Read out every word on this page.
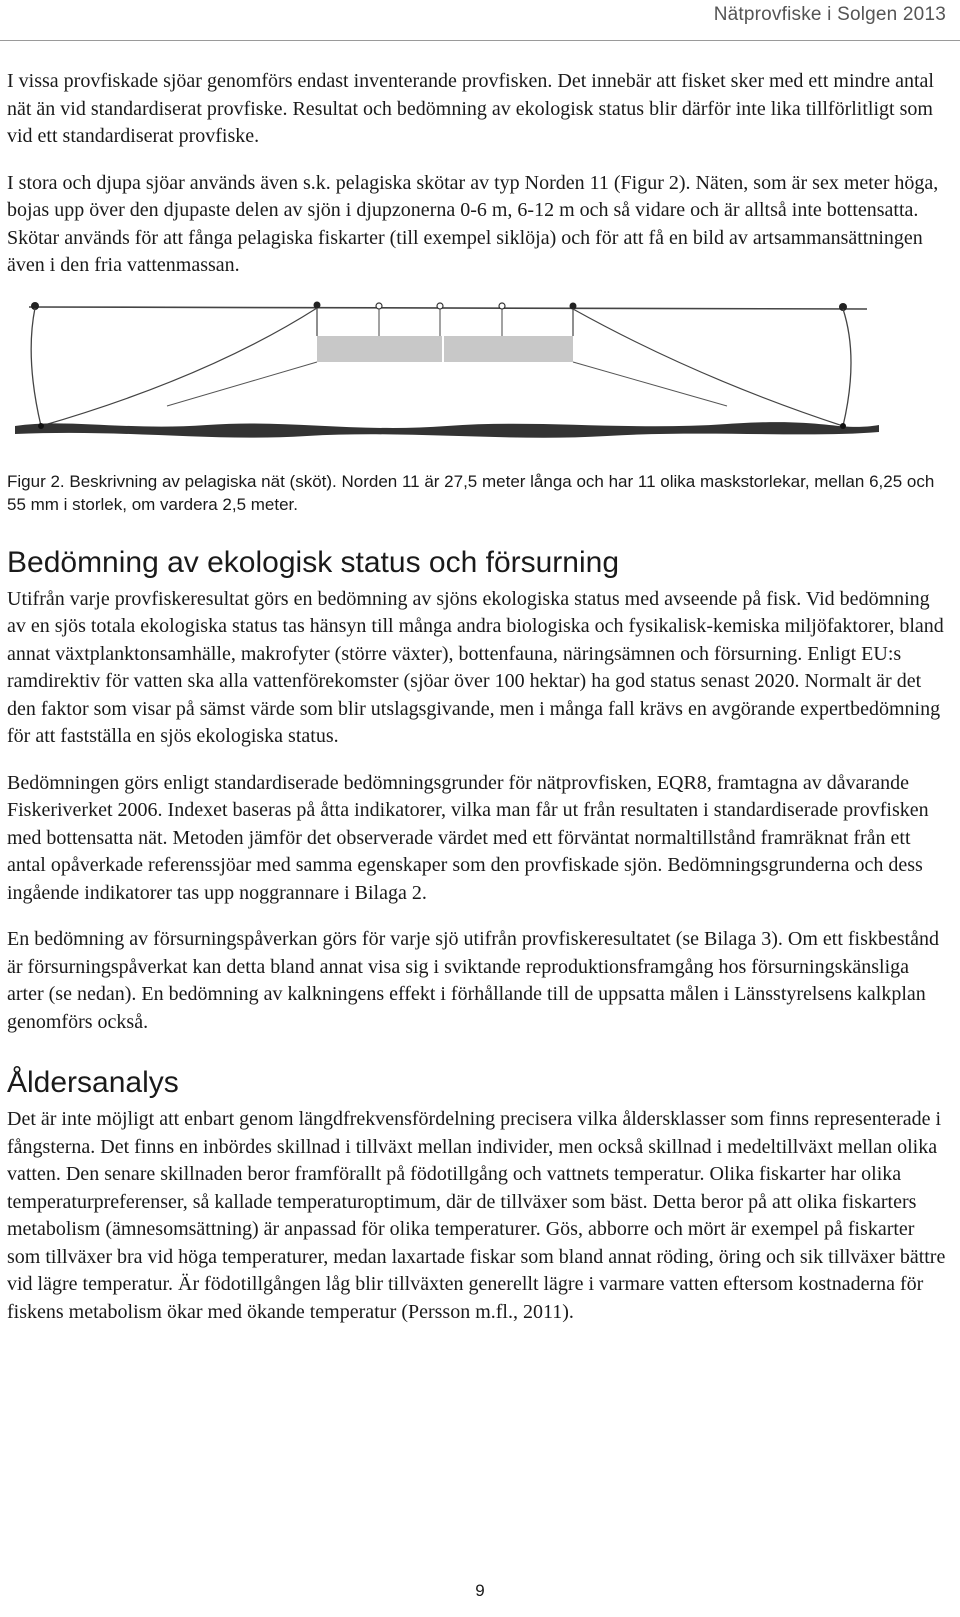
Nätprovfiske i Solgen 2013

I vissa provfiskade sjöar genomförs endast inventerande provfisken. Det innebär att fisket sker med ett mindre antal nät än vid standardiserat provfiske. Resultat och bedömning av ekologisk status blir därför inte lika tillförlitligt som vid ett standardiserat provfiske.

I stora och djupa sjöar används även s.k. pelagiska skötar av typ Norden 11 (Figur 2). Näten, som är sex meter höga, bojas upp över den djupaste delen av sjön i djupzonerna 0-6 m, 6-12 m och så vidare och är alltså inte bottensatta. Skötar används för att fånga pelagiska fiskarter (till exempel siklöja) och för att få en bild av artsammansättningen även i den fria vattenmassan.

Figur 2. Beskrivning av pelagiska nät (sköt). Norden 11 är 27,5 meter långa och har 11 olika maskstorlekar, mellan 6,25 och 55 mm i storlek, om vardera 2,5 meter.
Bedömning av ekologisk status och försurning

Utifrån varje provfiskeresultat görs en bedömning av sjöns ekologiska status med avseende på fisk. Vid bedömning av en sjös totala ekologiska status tas hänsyn till många andra biologiska och fysikalisk-kemiska miljöfaktorer, bland annat växtplanktonsamhälle, makrofyter (större växter), bottenfauna, näringsämnen och försurning. Enligt EU:s ramdirektiv för vatten ska alla vattenförekomster (sjöar över 100 hektar) ha god status senast 2020. Normalt är det den faktor som visar på sämst värde som blir utslagsgivande, men i många fall krävs en avgörande expertbedömning för att fastställa en sjös ekologiska status.

Bedömningen görs enligt standardiserade bedömningsgrunder för nätprovfisken, EQR8, framtagna av dåvarande Fiskeriverket 2006. Indexet baseras på åtta indikatorer, vilka man får ut från resultaten i standardiserade provfisken med bottensatta nät. Metoden jämför det observerade värdet med ett förväntat normaltillstånd framräknat från ett antal opåverkade referenssjöar med samma egenskaper som den provfiskade sjön. Bedömningsgrunderna och dess ingående indikatorer tas upp noggrannare i Bilaga 2.

En bedömning av försurningspåverkan görs för varje sjö utifrån provfiskeresultatet (se Bilaga 3). Om ett fiskbestånd är försurningspåverkat kan detta bland annat visa sig i sviktande reproduktionsframgång hos försurningskänsliga arter (se nedan). En bedömning av kalkningens effekt i förhållande till de uppsatta målen i Länsstyrelsens kalkplan genomförs också.

Åldersanalys

Det är inte möjligt att enbart genom längdfrekvensfördelning precisera vilka åldersklasser som finns representerade i fångsterna. Det finns en inbördes skillnad i tillväxt mellan individer, men också skillnad i medeltillväxt mellan olika vatten. Den senare skillnaden beror framförallt på födotillgång och vattnets temperatur. Olika fiskarter har olika temperaturpreferenser, så kallade temperaturoptimum, där de tillväxer som bäst. Detta beror på att olika fiskarters metabolism (ämnesomsättning) är anpassad för olika temperaturer. Gös, abborre och mört är exempel på fiskarter som tillväxer bra vid höga temperaturer, medan laxartade fiskar som bland annat röding, öring och sik tillväxer bättre vid lägre temperatur. Är födotillgången låg blir tillväxten generellt lägre i varmare vatten eftersom kostnaderna för fiskens metabolism ökar med ökande temperatur (Persson m.fl., 2011).

9
